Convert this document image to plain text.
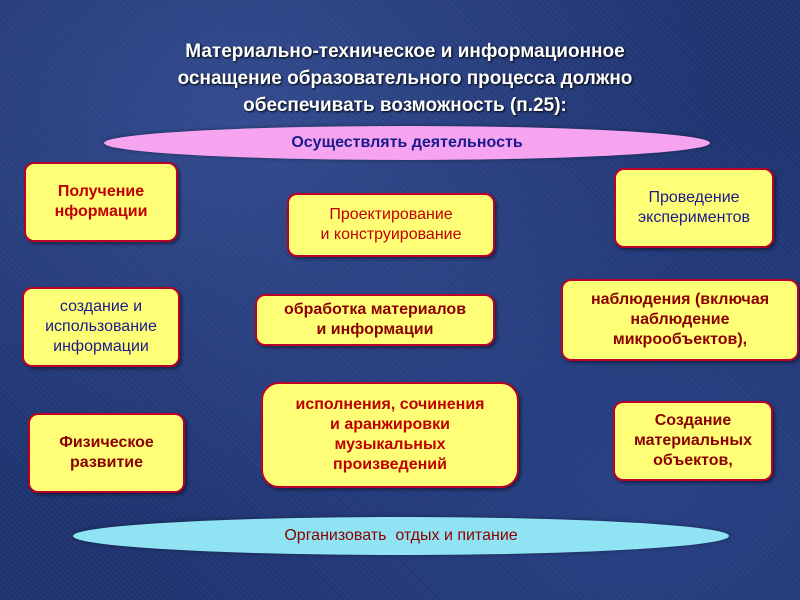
Материально-техническое и информационное
оснащение образовательного процесса должно
обеспечивать возможность (п.25):
Осуществлять деятельность
Получение
нформации	Проектирование
и конструирование
Проведение
экспериментов
создание и
использование
информации
обработка материалов
и информации
наблюдения (включая
наблюдение
микрообъектов),
Физическое
развитие
исполнения, сочинения
и аранжировки
музыкальных
произведений
Создание
материальных
объектов,
Организовать  отдых и питание
